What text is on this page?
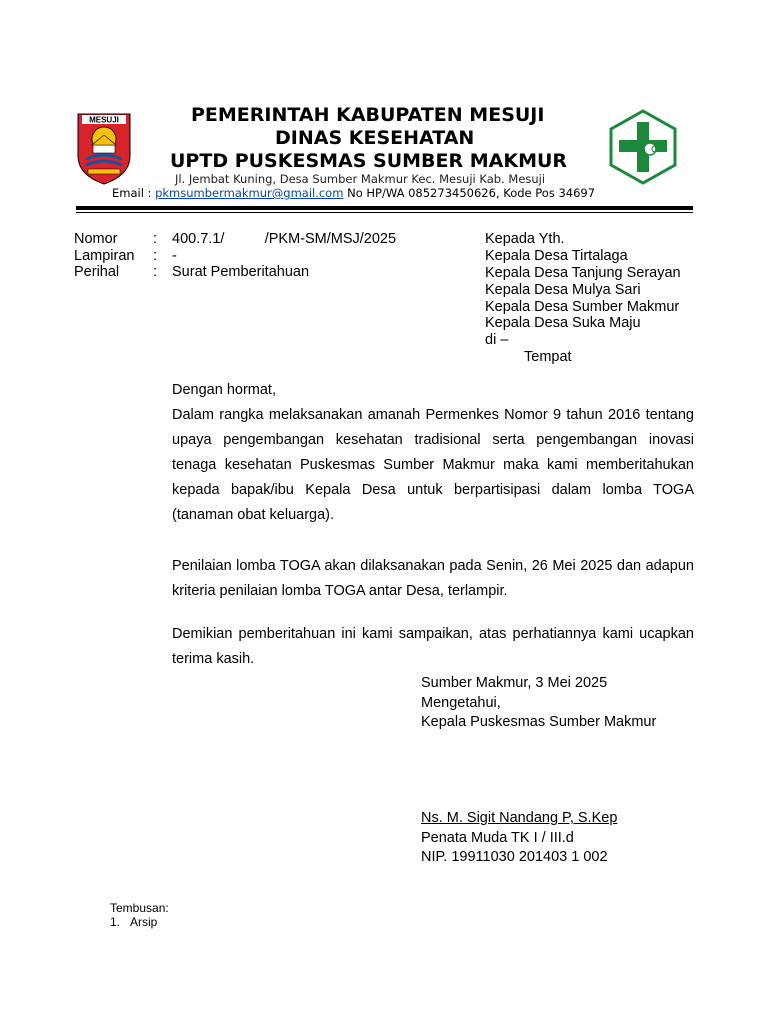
MESUJI	PEMERINTAH KABUPATEN MESUJI
DINAS KESEHATAN
UPTD PUSKESMAS SUMBER MAKMUR
Jl. Jembat Kuning, Desa Sumber Makmur Kec. Mesuji Kab. Mesuji
Email : pkmsumbermakmur@gmail.com No HP/WA 085273450626, Kode Pos 34697
Nomor : 400.7.1/          /PKM-SM/MSJ/2025
Lampiran : -
Perihal : Surat Pemberitahuan
Kepada Yth.
Kepala Desa Tirtalaga
Kepala Desa Tanjung Serayan
Kepala Desa Mulya Sari
Kepala Desa Sumber Makmur
Kepala Desa Suka Maju
di –
Tempat
Dengan hormat,
Dalam rangka melaksanakan amanah Permenkes Nomor 9 tahun 2016 tentang upaya pengembangan kesehatan tradisional serta pengembangan inovasi tenaga kesehatan Puskesmas Sumber Makmur maka kami memberitahukan kepada bapak/ibu Kepala Desa untuk berpartisipasi dalam lomba TOGA (tanaman obat keluarga).
Penilaian lomba TOGA akan dilaksanakan pada Senin, 26 Mei 2025 dan adapun kriteria penilaian lomba TOGA antar Desa, terlampir.
Demikian pemberitahuan ini kami sampaikan, atas perhatiannya kami ucapkan terima kasih.
Sumber Makmur, 3 Mei 2025
Mengetahui,
Kepala Puskesmas Sumber Makmur
Ns. M. Sigit Nandang P, S.Kep
Penata Muda TK I / III.d
NIP. 19911030 201403 1 002
Tembusan:
1.   Arsip
